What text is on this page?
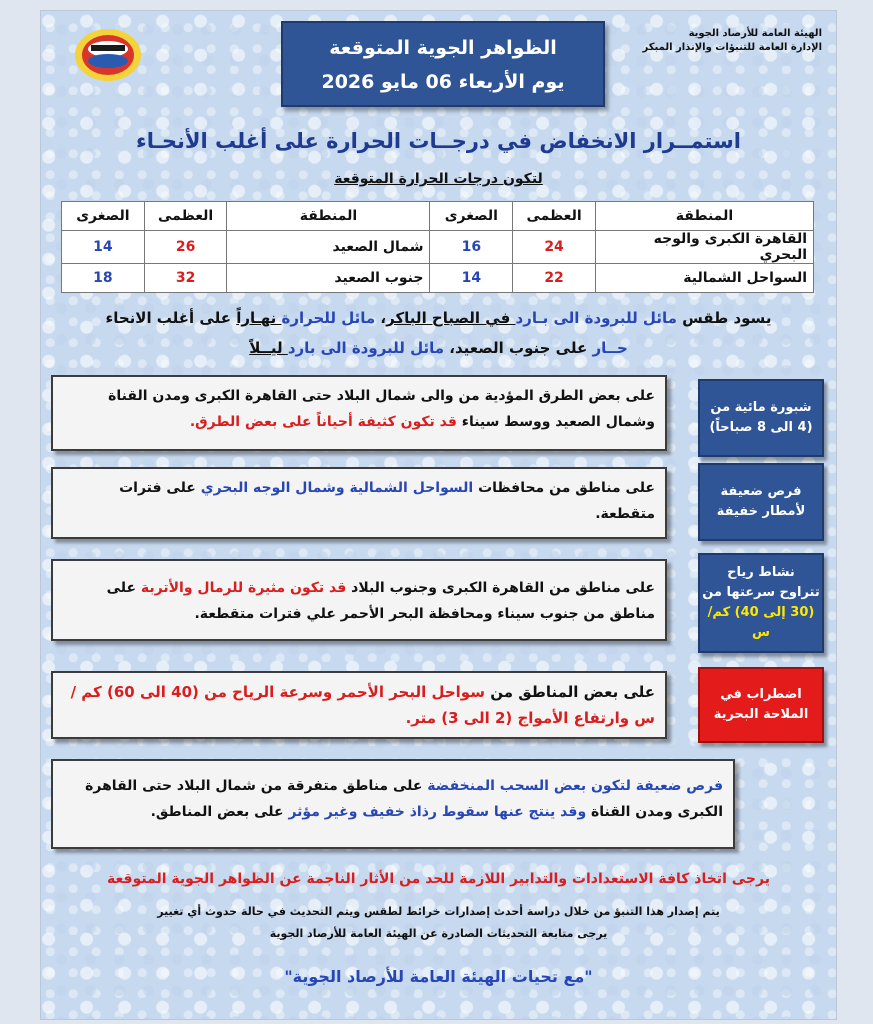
الهيئة العامة للأرصاد الجوية
الإدارة العامة للتنبؤات والإنذار المبكر
الظواهر الجوية المتوقعة
يوم الأربعاء 06 مايو 2026
استمــرار الانخفاض في درجــات الحرارة على أغلب الأنحـاء
لتكون درجات الحرارة المتوقعة
المنطقة	العظمى	الصغرى	المنطقة	العظمى	الصغرى
القاهرة الكبرى والوجه البحري	24	16	شمال الصعيد	26	14
السواحل الشمالية	22	14	جنوب الصعيد	32	18
يسود طقس مائل للبرودة الى بـارد في الصباح الباكر، مائل للحرارة نهـاراً على أغلب الانحاء
حــار على جنوب الصعيد، مائل للبرودة الى بارد ليــلاً
شبورة مائية من
(4 الى 8 صباحاً)
على بعض الطرق المؤدية من والى شمال البلاد حتى القاهرة الكبرى ومدن القناة وشمال الصعيد ووسط سيناء قد تكون كثيفة أحياناً على بعض الطرق.
فرص ضعيفة
لأمطار خفيفة
على مناطق من محافظات السواحل الشمالية وشمال الوجه البحري على فترات متقطعة.
نشاط رياح
تتراوح سرعتها من
(30 إلى 40) كم/س
على مناطق من القاهرة الكبرى وجنوب البلاد قد تكون مثيرة للرمال والأتربة على مناطق من جنوب سيناء ومحافظة البحر الأحمر علي فترات متقطعة.
اضطراب في
الملاحة البحرية
على بعض المناطق من سواحل البحر الأحمر وسرعة الرياح من (40 الى 60) كم / س وارتفاع الأمواج (2 الى 3) متر.
فرص ضعيفة لتكون بعض السحب المنخفضة على مناطق متفرقة من شمال البلاد حتى القاهرة الكبرى ومدن القناة وقد ينتج عنها سقوط رذاذ خفيف وغير مؤثر على بعض المناطق.
يرجى اتخاذ كافة الاستعدادات والتدابير اللازمة للحد من الأثار الناجمة عن الظواهر الجوية المتوقعة
يتم إصدار هذا التنبؤ من خلال دراسة أحدث إصدارات خرائط لطقس ويتم التحديث في حالة حدوث أي تغيير
يرجى متابعة التحديثات الصادرة عن الهيئة العامة للأرصاد الجوية
"مع تحيات الهيئة العامة للأرصاد الجوية"
